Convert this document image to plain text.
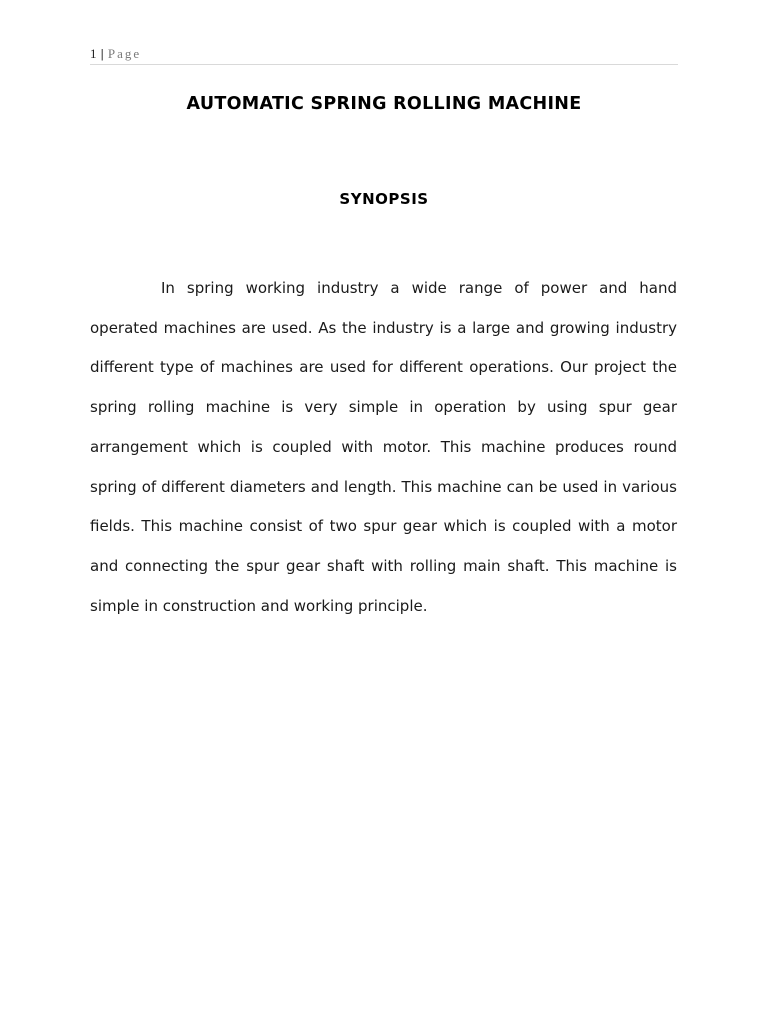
1 | Page
AUTOMATIC SPRING ROLLING MACHINE
SYNOPSIS

In spring working industry a wide range of power and hand operated machines are used. As the industry is a large and growing industry different type of machines are used for different operations. Our project the spring rolling machine is very simple in operation by using spur gear arrangement which is coupled with motor. This machine produces round spring of different diameters and length. This machine can be used in various fields. This machine consist of two spur gear which is coupled with a motor and connecting the spur gear shaft with rolling main shaft. This machine is simple in construction and working principle.
